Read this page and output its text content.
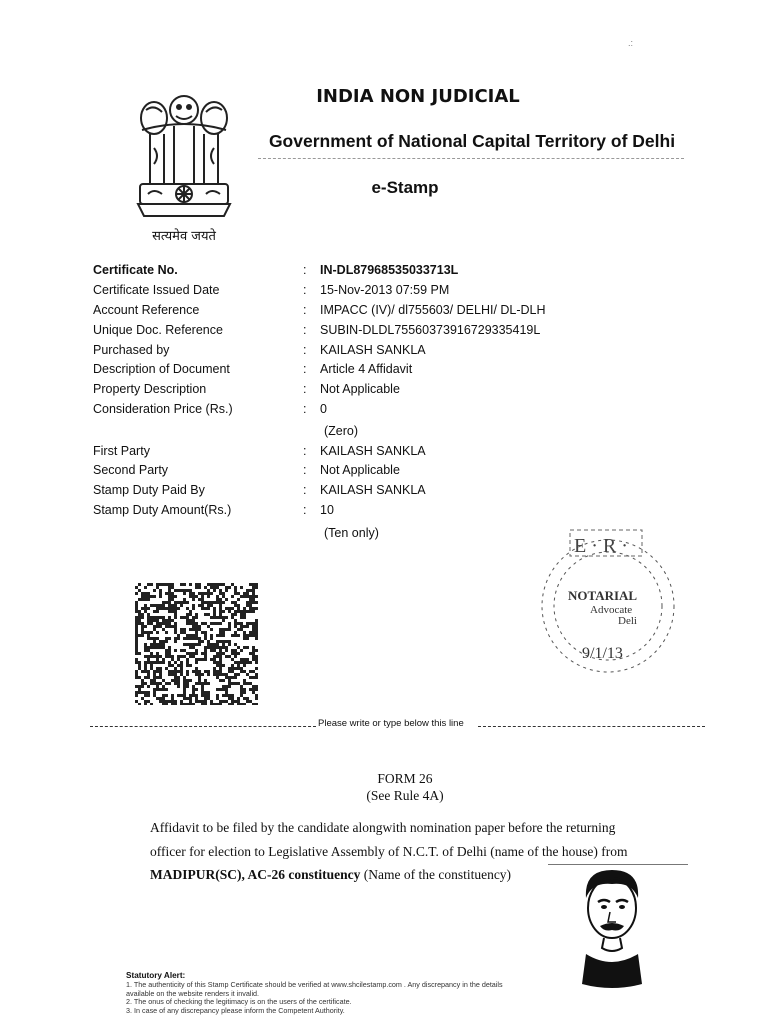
सत्यमेव जयते
.:
INDIA NON JUDICIAL
Government of National Capital Territory of Delhi
e-Stamp
Certificate No.	: IN-DL87968535033713L
Certificate Issued Date	: 15-Nov-2013 07:59 PM
Account Reference	: IMPACC (IV)/ dl755603/ DELHI/ DL-DLH
Unique Doc. Reference	: SUBIN-DLDL75560373916729335419L
Purchased by	: KAILASH SANKLA
Description of Document	: Article 4 Affidavit
Property Description	: Not Applicable
Consideration Price (Rs.)	: 0
(Zero)
First Party	: KAILASH SANKLA
Second Party	: Not Applicable
Stamp Duty Paid By	: KAILASH SANKLA
Stamp Duty Amount(Rs.)	: 10
(Ten only)
E · R ·
NOTARIAL
Advocate
Deli
9/1/13
Please write or type below this line
FORM 26
(See Rule 4A)
Affidavit to be filed by the candidate alongwith nomination paper before the returning
officer for election to Legislative Assembly of N.C.T. of Delhi (name of the house) from
MADIPUR(SC), AC-26 constituency (Name of the constituency)
Statutory Alert:
1. The authenticity of this Stamp Certificate should be verified at www.shcilestamp.com . Any discrepancy in the details
available on the website renders it invalid.
2. The onus of checking the legitimacy is on the users of the certificate.
3. In case of any discrepancy please inform the Competent Authority.
